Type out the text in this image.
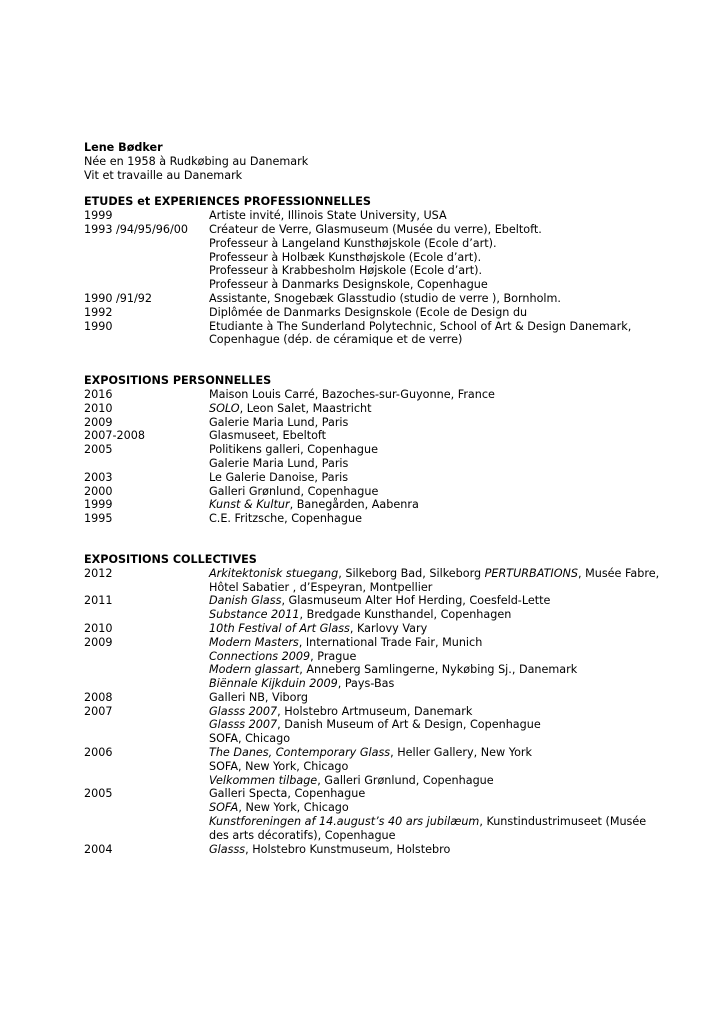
Lene Bødker
Née en 1958 à Rudkøbing au Danemark
Vit et travaille au Danemark
ETUDES et EXPERIENCES PROFESSIONNELLES
1999	Artiste invité, Illinois State University, USA
1993 /94/95/96/00	Créateur de Verre, Glasmuseum (Musée du verre), Ebeltoft.
Professeur à Langeland Kunsthøjskole (Ecole d’art).
Professeur à Holbæk Kunsthøjskole (Ecole d’art).
Professeur à Krabbesholm Højskole (Ecole d’art).
Professeur à Danmarks Designskole, Copenhague
1990 /91/92	Assistante, Snogebæk Glasstudio (studio de verre ), Bornholm.
1992	Diplômée de Danmarks Designskole (Ecole de Design du
1990	Etudiante à The Sunderland Polytechnic, School of Art & Design Danemark,
Copenhague (dép. de céramique et de verre)
EXPOSITIONS PERSONNELLES
2016	Maison Louis Carré, Bazoches-sur-Guyonne, France
2010	SOLO, Leon Salet, Maastricht
2009	Galerie Maria Lund, Paris
2007-2008	Glasmuseet, Ebeltoft
2005	Politikens galleri, Copenhague
Galerie Maria Lund, Paris
2003	Le Galerie Danoise, Paris
2000	Galleri Grønlund, Copenhague
1999	Kunst & Kultur, Banegården, Aabenra
1995	C.E. Fritzsche, Copenhague
EXPOSITIONS COLLECTIVES
2012	Arkitektonisk stuegang, Silkeborg Bad, Silkeborg PERTURBATIONS, Musée Fabre,
Hôtel Sabatier , d’Espeyran, Montpellier
2011	Danish Glass, Glasmuseum Alter Hof Herding, Coesfeld-Lette
Substance 2011, Bredgade Kunsthandel, Copenhagen
2010	10th Festival of Art Glass, Karlovy Vary
2009	Modern Masters, International Trade Fair, Munich
Connections 2009, Prague
Modern glassart, Anneberg Samlingerne, Nykøbing Sj., Danemark
Biënnale Kijkduin 2009, Pays-Bas
2008	Galleri NB, Viborg
2007	Glasss 2007, Holstebro Artmuseum, Danemark
Glasss 2007, Danish Museum of Art & Design, Copenhague
SOFA, Chicago
2006	The Danes, Contemporary Glass, Heller Gallery, New York
SOFA, New York, Chicago
Velkommen tilbage, Galleri Grønlund, Copenhague
2005	Galleri Specta, Copenhague
SOFA, New York, Chicago
Kunstforeningen af 14.august’s 40 ars jubilæum, Kunstindustrimuseet (Musée
des arts décoratifs), Copenhague
2004	Glasss, Holstebro Kunstmuseum, Holstebro
